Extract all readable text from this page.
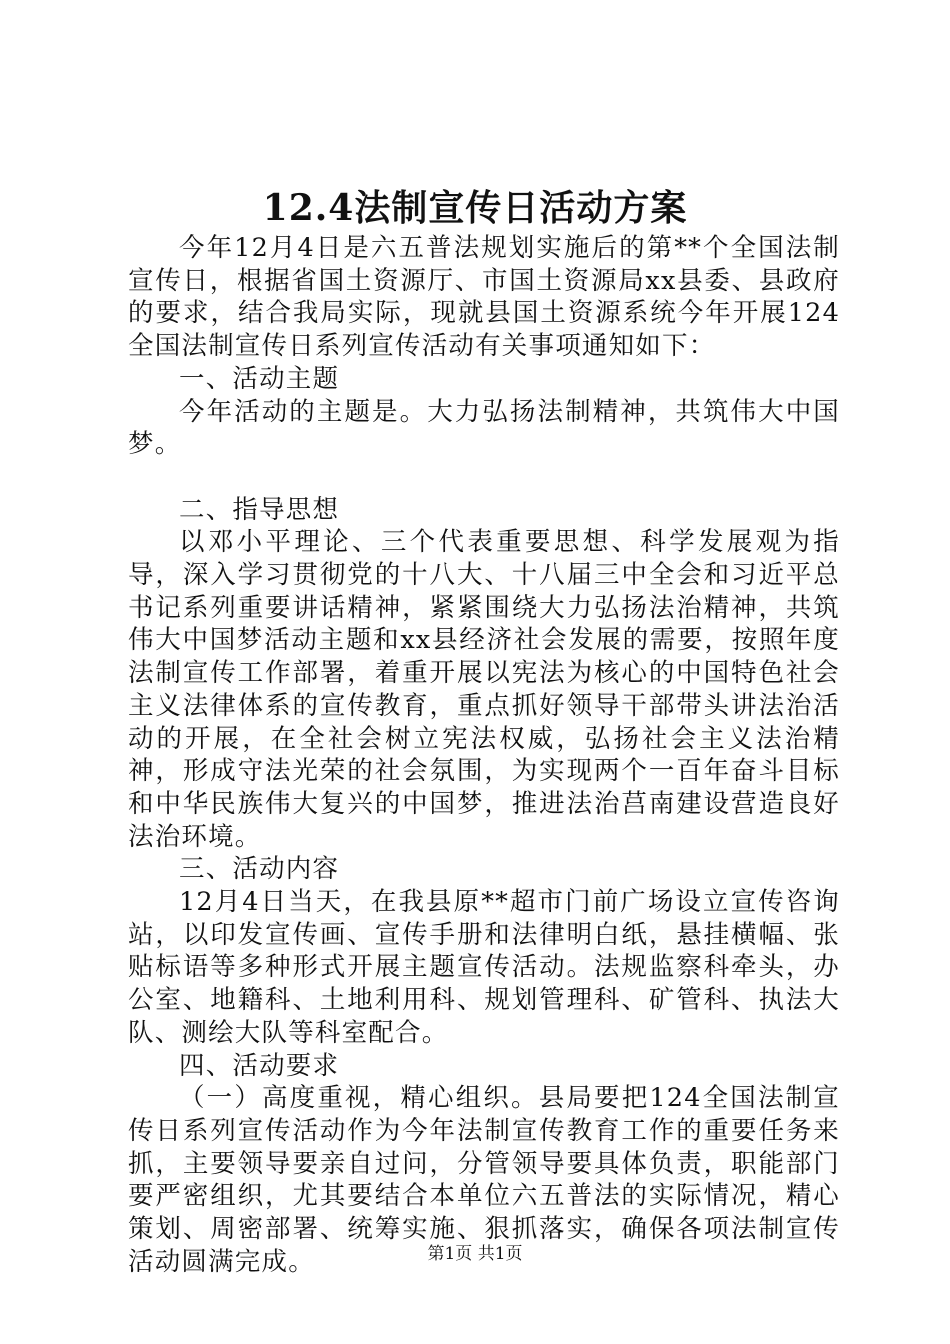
12.4法制宣传日活动方案

今年12月4日是六五普法规划实施后的第**个全国法制宣传日，根据省国土资源厅、市国土资源局xx县委、县政府的要求，结合我局实际，现就县国土资源系统今年开展124全国法制宣传日系列宣传活动有关事项通知如下：

一、活动主题

今年活动的主题是。大力弘扬法制精神，共筑伟大中国梦。

二、指导思想

以邓小平理论、三个代表重要思想、科学发展观为指导，深入学习贯彻党的十八大、十八届三中全会和习近平总书记系列重要讲话精神，紧紧围绕大力弘扬法治精神，共筑伟大中国梦活动主题和xx县经济社会发展的需要，按照年度法制宣传工作部署，着重开展以宪法为核心的中国特色社会主义法律体系的宣传教育，重点抓好领导干部带头讲法治活动的开展，在全社会树立宪法权威，弘扬社会主义法治精神，形成守法光荣的社会氛围，为实现两个一百年奋斗目标和中华民族伟大复兴的中国梦，推进法治莒南建设营造良好法治环境。

三、活动内容

12月4日当天，在我县原**超市门前广场设立宣传咨询站，以印发宣传画、宣传手册和法律明白纸，悬挂横幅、张贴标语等多种形式开展主题宣传活动。法规监察科牵头，办公室、地籍科、土地利用科、规划管理科、矿管科、执法大队、测绘大队等科室配合。

四、活动要求

（一）高度重视，精心组织。县局要把124全国法制宣传日系列宣传活动作为今年法制宣传教育工作的重要任务来抓，主要领导要亲自过问，分管领导要具体负责，职能部门要严密组织，尤其要结合本单位六五普法的实际情况，精心策划、周密部署、统筹实施、狠抓落实，确保各项法制宣传活动圆满完成。	第1页 共1页
